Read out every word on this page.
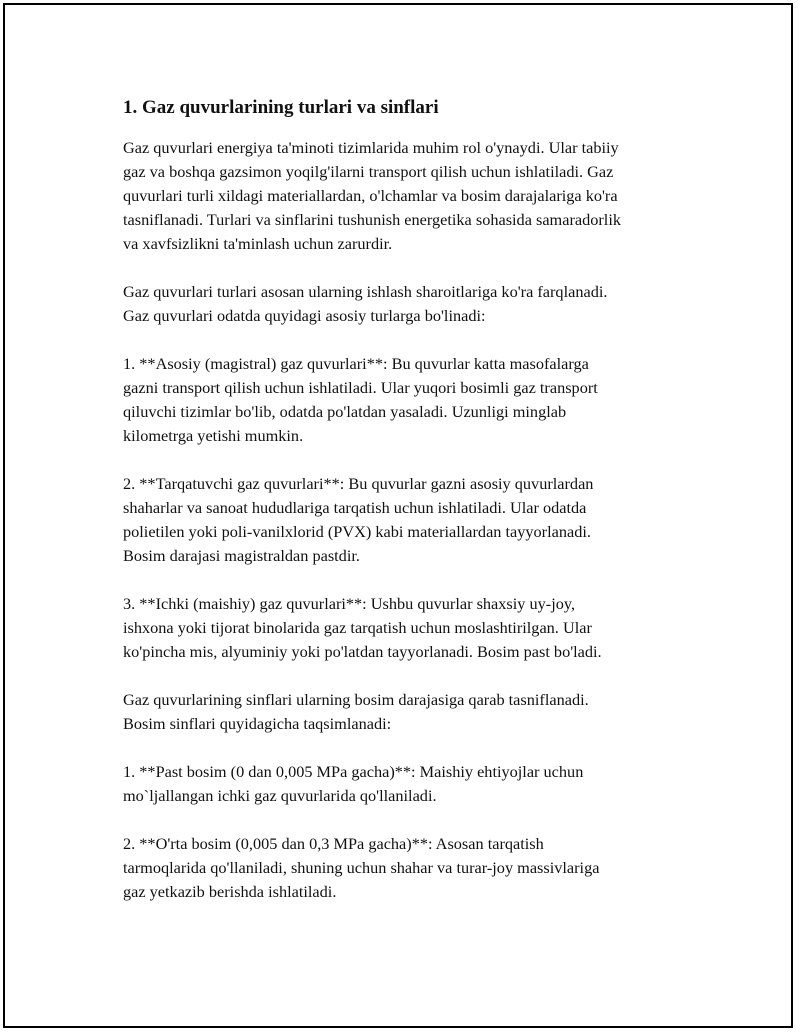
1. Gaz quvurlarining turlari va sinflari

Gaz quvurlari energiya ta'minoti tizimlarida muhim rol o'ynaydi. Ular tabiiy
gaz va boshqa gazsimon yoqilg'ilarni transport qilish uchun ishlatiladi. Gaz
quvurlari turli xildagi materiallardan, o'lchamlar va bosim darajalariga ko'ra
tasniflanadi. Turlari va sinflarini tushunish energetika sohasida samaradorlik
va xavfsizlikni ta'minlash uchun zarurdir.

Gaz quvurlari turlari asosan ularning ishlash sharoitlariga ko'ra farqlanadi.
Gaz quvurlari odatda quyidagi asosiy turlarga bo'linadi:

1. **Asosiy (magistral) gaz quvurlari**: Bu quvurlar katta masofalarga
gazni transport qilish uchun ishlatiladi. Ular yuqori bosimli gaz transport
qiluvchi tizimlar bo'lib, odatda po'latdan yasaladi. Uzunligi minglab
kilometrga yetishi mumkin.

2. **Tarqatuvchi gaz quvurlari**: Bu quvurlar gazni asosiy quvurlardan
shaharlar va sanoat hududlariga tarqatish uchun ishlatiladi. Ular odatda
polietilen yoki poli-vanilxlorid (PVX) kabi materiallardan tayyorlanadi.
Bosim darajasi magistraldan pastdir.

3. **Ichki (maishiy) gaz quvurlari**: Ushbu quvurlar shaxsiy uy-joy,
ishxona yoki tijorat binolarida gaz tarqatish uchun moslashtirilgan. Ular
ko'pincha mis, alyuminiy yoki po'latdan tayyorlanadi. Bosim past bo'ladi.

Gaz quvurlarining sinflari ularning bosim darajasiga qarab tasniflanadi.
Bosim sinflari quyidagicha taqsimlanadi:

1. **Past bosim (0 dan 0,005 MPa gacha)**: Maishiy ehtiyojlar uchun
mo`ljallangan ichki gaz quvurlarida qo'llaniladi.

2. **O'rta bosim (0,005 dan 0,3 MPa gacha)**: Asosan tarqatish
tarmoqlarida qo'llaniladi, shuning uchun shahar va turar-joy massivlariga
gaz yetkazib berishda ishlatiladi.
